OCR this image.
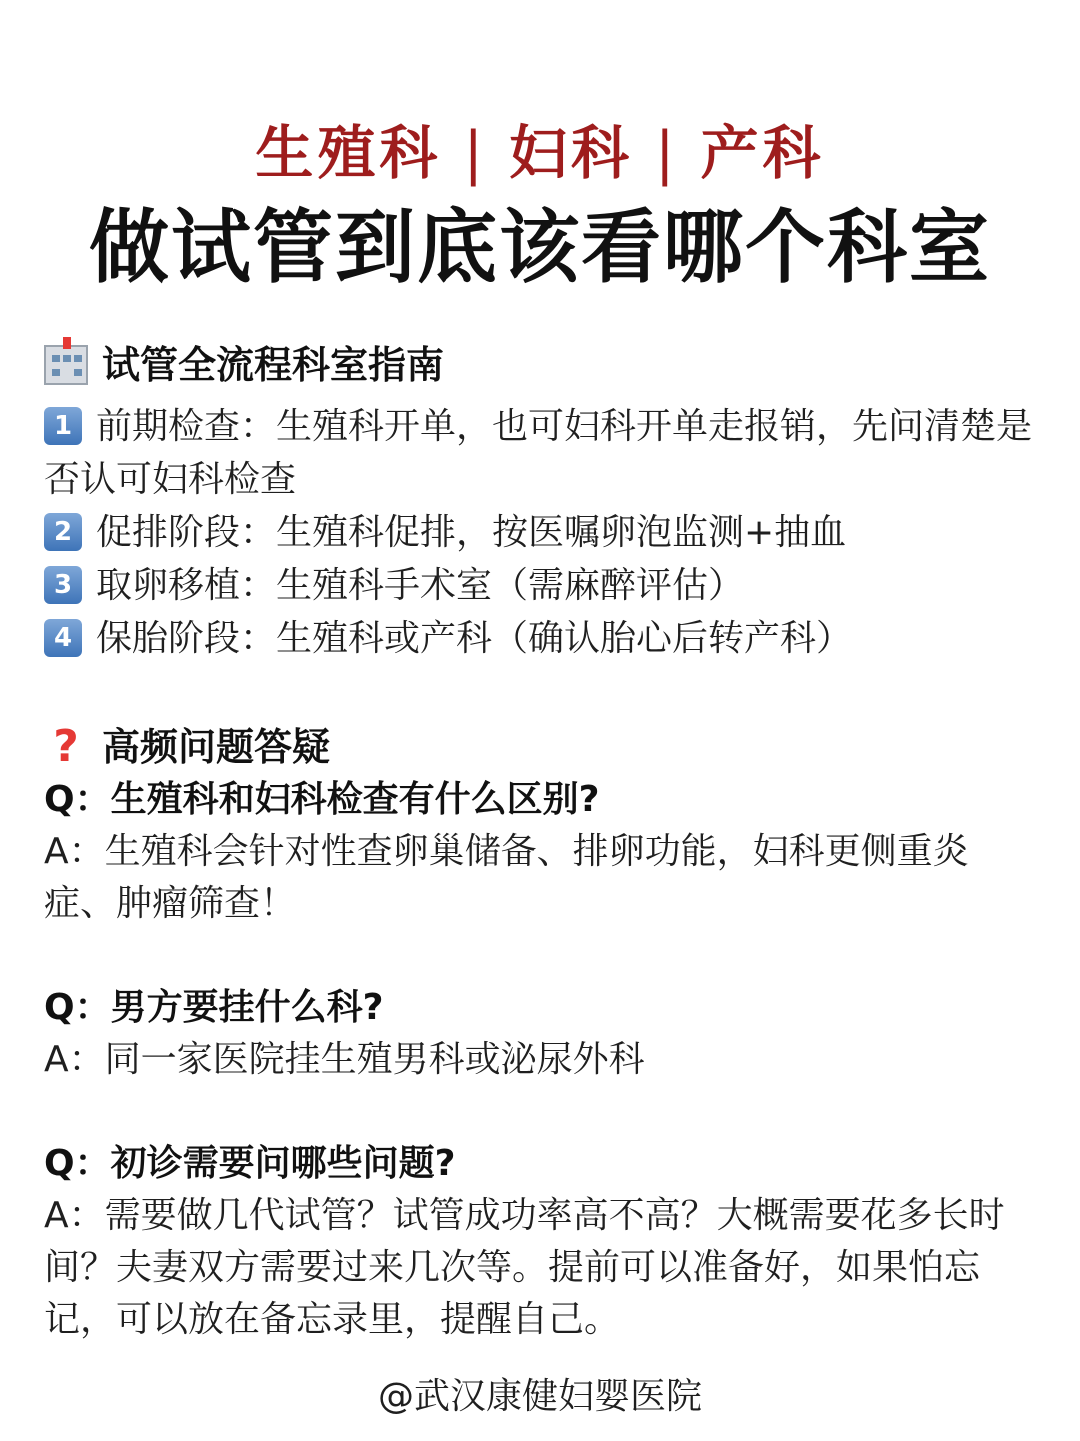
生殖科 | 妇科 | 产科
做试管到底该看哪个科室
试管全流程科室指南
1 前期检查：生殖科开单，也可妇科开单走报销，先问清楚是否认可妇科检查
2 促排阶段：生殖科促排，按医嘱卵泡监测+抽血
3 取卵移植：生殖科手术室（需麻醉评估）
4 保胎阶段：生殖科或产科（确认胎心后转产科）
? 高频问题答疑
Q：生殖科和妇科检查有什么区别?
A：生殖科会针对性查卵巢储备、排卵功能，妇科更侧重炎症、肿瘤筛查！
Q：男方要挂什么科?
A：同一家医院挂生殖男科或泌尿外科
Q：初诊需要问哪些问题?
A：需要做几代试管？试管成功率高不高？大概需要花多长时间？夫妻双方需要过来几次等。提前可以准备好，如果怕忘记，可以放在备忘录里，提醒自己。
@武汉康健妇婴医院
